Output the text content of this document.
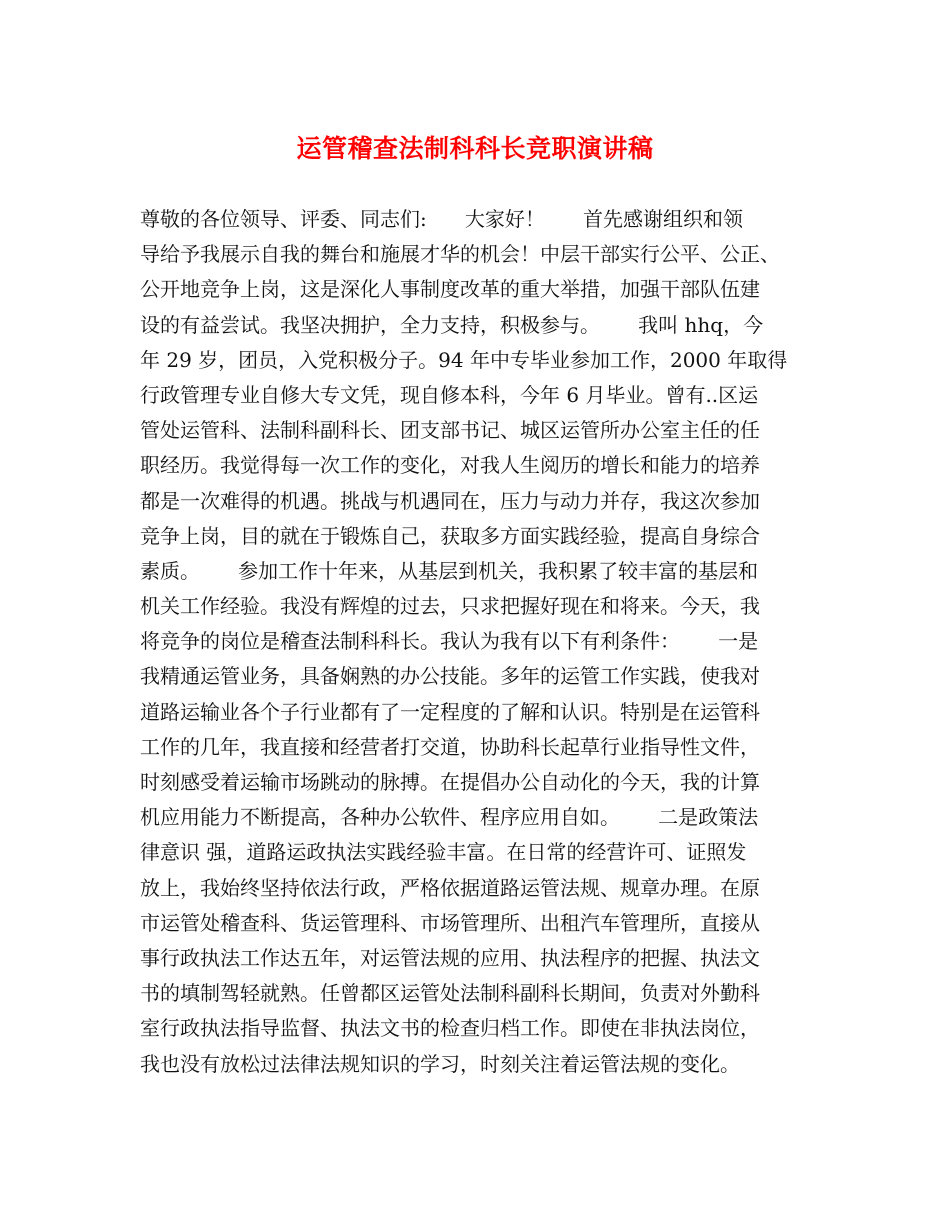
运管稽查法制科科长竞职演讲稿
尊敬的各位领导、评委、同志们:      大家好！      首先感谢组织和领
导给予我展示自我的舞台和施展才华的机会！中层干部实行公平、公正、
公开地竞争上岗，这是深化人事制度改革的重大举措，加强干部队伍建
设的有益尝试。我坚决拥护，全力支持，积极参与。      我叫 hhq，今
年 29 岁，团员，入党积极分子。94 年中专毕业参加工作，2000 年取得
行政管理专业自修大专文凭，现自修本科，今年 6 月毕业。曾有..区运
管处运管科、法制科副科长、团支部书记、城区运管所办公室主任的任
职经历。我觉得每一次工作的变化，对我人生阅历的增长和能力的培养
都是一次难得的机遇。挑战与机遇同在，压力与动力并存，我这次参加
竞争上岗，目的就在于锻炼自己，获取多方面实践经验，提高自身综合
素质。      参加工作十年来，从基层到机关，我积累了较丰富的基层和
机关工作经验。我没有辉煌的过去，只求把握好现在和将来。今天，我
将竞争的岗位是稽查法制科科长。我认为我有以下有利条件：      一是
我精通运管业务，具备娴熟的办公技能。多年的运管工作实践，使我对
道路运输业各个子行业都有了一定程度的了解和认识。特别是在运管科
工作的几年，我直接和经营者打交道，协助科长起草行业指导性文件，
时刻感受着运输市场跳动的脉搏。在提倡办公自动化的今天，我的计算
机应用能力不断提高，各种办公软件、程序应用自如。      二是政策法
律意识 强，道路运政执法实践经验丰富。在日常的经营许可、证照发
放上，我始终坚持依法行政，严格依据道路运管法规、规章办理。在原
市运管处稽查科、货运管理科、市场管理所、出租汽车管理所，直接从
事行政执法工作达五年，对运管法规的应用、执法程序的把握、执法文
书的填制驾轻就熟。任曾都区运管处法制科副科长期间，负责对外勤科
室行政执法指导监督、执法文书的检查归档工作。即使在非执法岗位，
我也没有放松过法律法规知识的学习，时刻关注着运管法规的变化。
